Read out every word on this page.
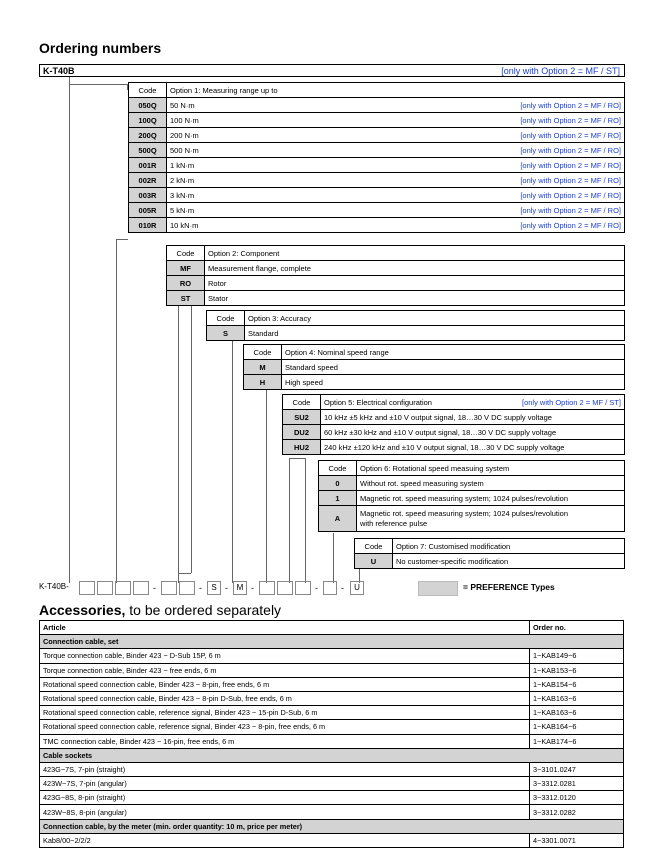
Ordering numbers
K-T40B	[only with Option 2 = MF / ST]
Code	Option 1: Measuring range up to
050Q	50 N·m [only with Option 2 = MF / RO]

100Q	100 N·m [only with Option 2 = MF / RO]

200Q	200 N·m [only with Option 2 = MF / RO]

500Q	500 N·m [only with Option 2 = MF / RO]

001R	1 kN·m [only with Option 2 = MF / RO]

002R	2 kN·m [only with Option 2 = MF / RO]

003R	3 kN·m [only with Option 2 = MF / RO]

005R	5 kN·m [only with Option 2 = MF / RO]

010R	10 kN·m [only with Option 2 = MF / RO]
Code	Option 2: Component
MF	Measurement flange, complete
RO	Rotor
ST	Stator
Code	Option 3: Accuracy
S	Standard
Code	Option 4: Nominal speed range
M	Standard speed
H	High speed
Code	Option 5: Electrical configuration [only with Option 2 = MF / ST]

SU2	10 kHz ±5 kHz and ±10 V output signal, 18…30 V DC supply voltage
DU2	60 kHz ±30 kHz and ±10 V output signal, 18…30 V DC supply voltage
HU2	240 kHz ±120 kHz and ±10 V output signal, 18…30 V DC supply voltage
Code	Option 6: Rotational speed measuing system
0	Without rot. speed measuring system
1	Magnetic rot. speed measuring system; 1024 pulses/revolution
A	Magnetic rot. speed measuring system; 1024 pulses/revolution
with reference pulse
Code	Option 7: Customised modification
U	No customer-specific modification
K-T40B-	-	-	S -	M -	-	-	U	= PREFERENCE Types
Accessories, to be ordered separately
Article	Order no.
Connection cable, set	
Torque connection cable, Binder 423 − D-Sub 15P, 6 m	1−KAB149−6
Torque connection cable, Binder 423 − free ends, 6 m	1−KAB153−6
Rotational speed connection cable, Binder 423 − 8-pin, free ends, 6 m	1−KAB154−6
Rotational speed connection cable, Binder 423 − 8-pin D-Sub, free ends, 6 m	1−KAB163−6
Rotational speed connection cable, reference signal, Binder 423 − 15-pin D-Sub, 6 m	1−KAB163−6
Rotational speed connection cable, reference signal, Binder 423 − 8-pin, free ends, 6 m	1−KAB164−6
TMC connection cable, Binder 423 − 16-pin, free ends, 6 m	1−KAB174−6
Cable sockets	
423G−7S, 7-pin (straight)	3−3101.0247
423W−7S, 7-pin (angular)	3−3312.0281
423G−8S, 8-pin (straight)	3−3312.0120
423W−8S, 8-pin (angular)	3−3312.0282
Connection cable, by the meter (min. order quantity: 10 m, price per meter)	
Kab8/00−2/2/2	4−3301.0071
